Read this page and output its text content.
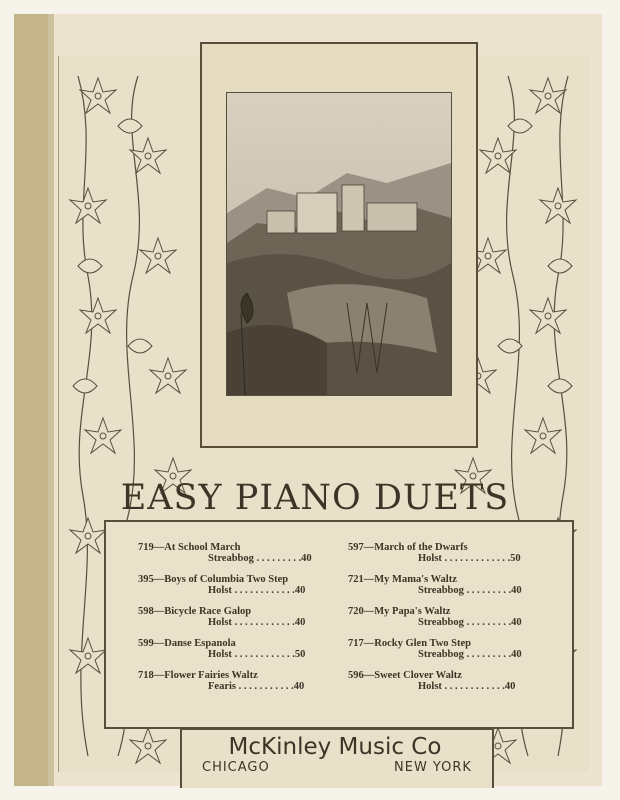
EASY PIANO DUETS
719—At School March
Streabbog . . . . . . . . .40
395—Boys of Columbia Two Step
Holst . . . . . . . . . . . .40
598—Bicycle Race Galop
Holst . . . . . . . . . . . .40
599—Danse Espanola
Holst . . . . . . . . . . . .50
718—Flower Fairies Waltz
Fearis . . . . . . . . . . .40
597—March of the Dwarfs
Holst . . . . . . . . . . . . .50
721—My Mama's Waltz
Streabbog . . . . . . . . .40
720—My Papa's Waltz
Streabbog . . . . . . . . .40
717—Rocky Glen Two Step
Streabbog . . . . . . . . .40
596—Sweet Clover Waltz
Holst . . . . . . . . . . . .40
McKinley Music Co
CHICAGO	NEW YORK
